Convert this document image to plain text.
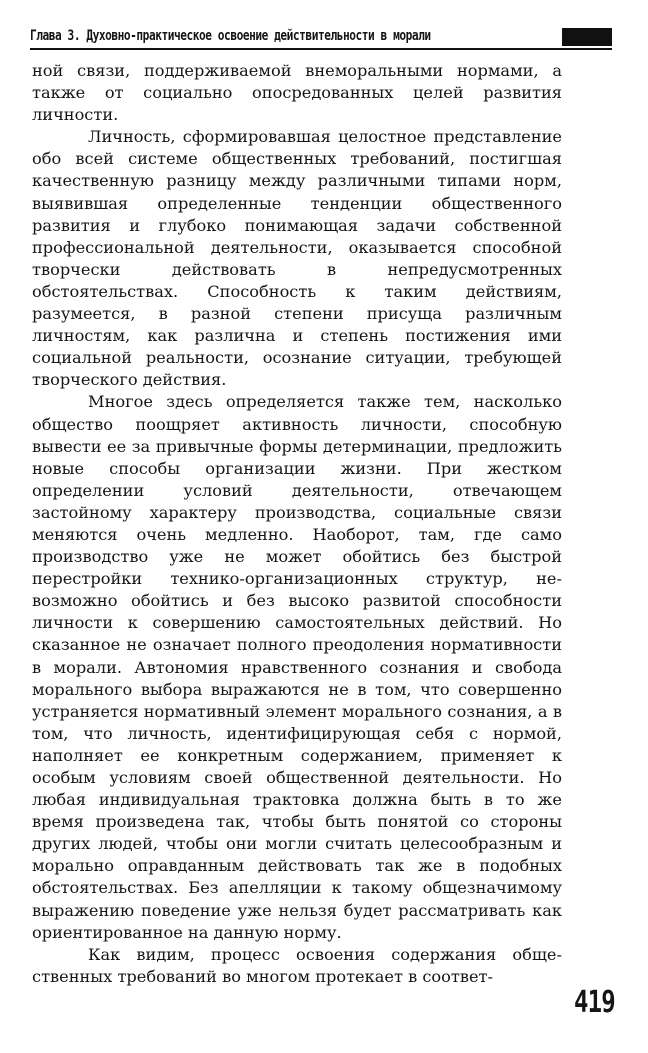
Глава 3. Духовно-практическое освоение действительности в морали

ной связи, поддерживаемой внеморальными нормами, а также от социально опосредованных целей развития личности.

Личность, сформировавшая целостное представление обо всей системе общественных требований, постигшая качественную разницу между различными типами норм, выявившая определенные тенденции общественного развития и глубоко понимающая задачи собственной профессиональной деятельности, оказывается способной творчески действовать в непредусмотренных обстоятельствах. Способность к таким действиям, разумеется, в разной степени присуща различным личностям, как различна и степень постижения ими социальной реальности, осознание ситуации, требующей творческого действия.

Многое здесь определяется также тем, насколько общество поощряет активность личности, способную вывести ее за привычные формы детерминации, предложить новые способы организации жизни. При жестком определении условий деятельности, отвечающем застойному характеру производства, социальные связи меняются очень медленно. Наоборот, там, где само производство уже не может обойтись без быстрой перестройки технико-организационных структур, невозможно обойтись и без высоко развитой способности личности к совершению самостоятельных действий. Но сказанное не означает полного преодоления нормативности в морали. Автономия нравственного сознания и свобода морального выбора выражаются не в том, что совершенно устраняется нормативный элемент морального сознания, а в том, что личность, идентифицирующая себя с нормой, наполняет ее конкретным содержанием, применяет к особым условиям своей общественной деятельности. Но любая индивидуальная трактовка должна быть в то же время произведена так, чтобы быть понятой со стороны других людей, чтобы они могли считать целесообразным и морально оправданным действовать так же в подобных обстоятельствах. Без апелляции к такому общезначимому выражению поведение уже нельзя будет рассматривать как ориентированное на данную норму.

Как видим, процесс освоения содержания общественных требований во многом протекает в соответ-

419
